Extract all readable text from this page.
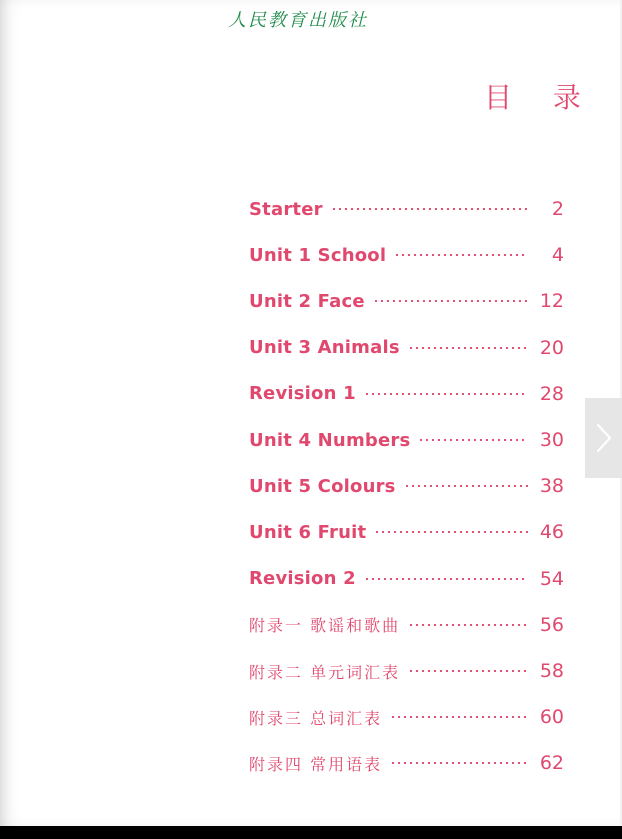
人民教育出版社
目 录
Starter	2
Unit 1 School	4
Unit 2 Face	12
Unit 3 Animals	20
Revision 1	28
Unit 4 Numbers	30
Unit 5 Colours	38
Unit 6 Fruit	46
Revision 2	54
附录一 歌谣和歌曲	56
附录二 单元词汇表	58
附录三 总词汇表	60
附录四 常用语表	62
